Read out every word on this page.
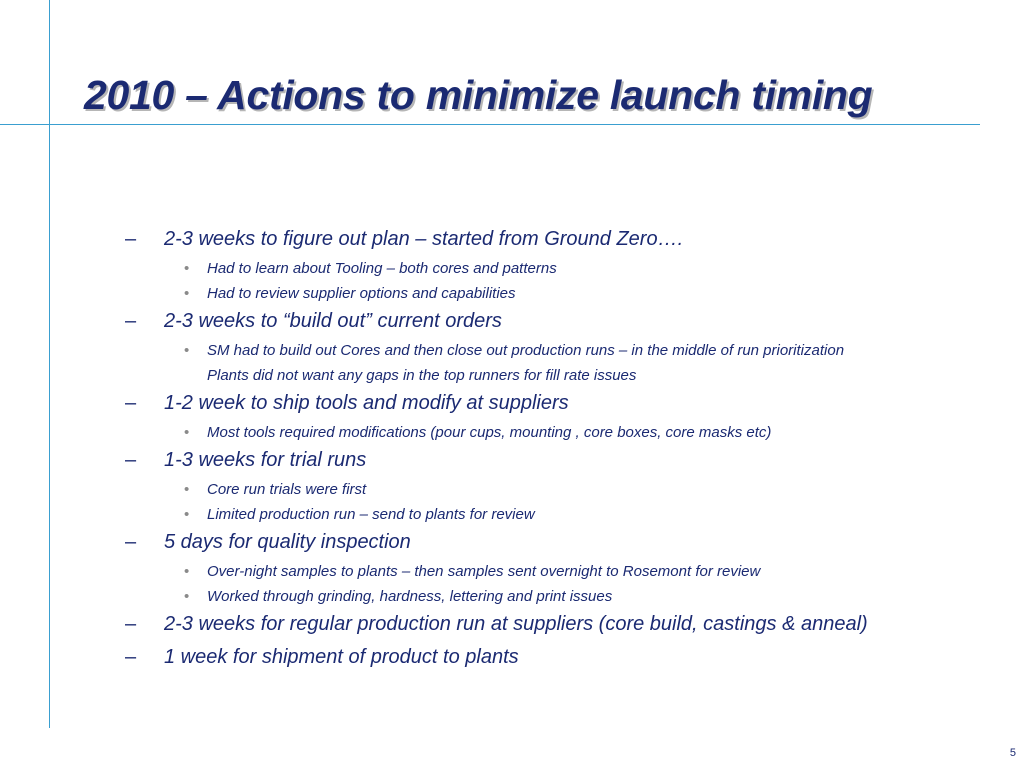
2010 – Actions to minimize launch timing
– 2-3 weeks to figure out plan – started from Ground Zero….
• Had to learn about Tooling – both cores and patterns
• Had to review supplier options and capabilities
– 2-3 weeks to “build out” current orders
• SM had to build out Cores and then close out production runs – in the middle of run prioritization
Plants did not want any gaps in the top runners for fill rate issues
– 1-2 week to ship tools and modify at suppliers
• Most tools required modifications (pour cups, mounting , core boxes, core masks etc)
– 1-3 weeks for trial runs
• Core run trials were first
• Limited production run – send to plants for review
– 5 days for quality inspection
• Over-night samples to plants – then samples sent overnight to Rosemont for review
• Worked through grinding, hardness, lettering and print issues
– 2-3 weeks for regular production run at suppliers (core build, castings & anneal)
– 1 week for shipment of product to plants
5
